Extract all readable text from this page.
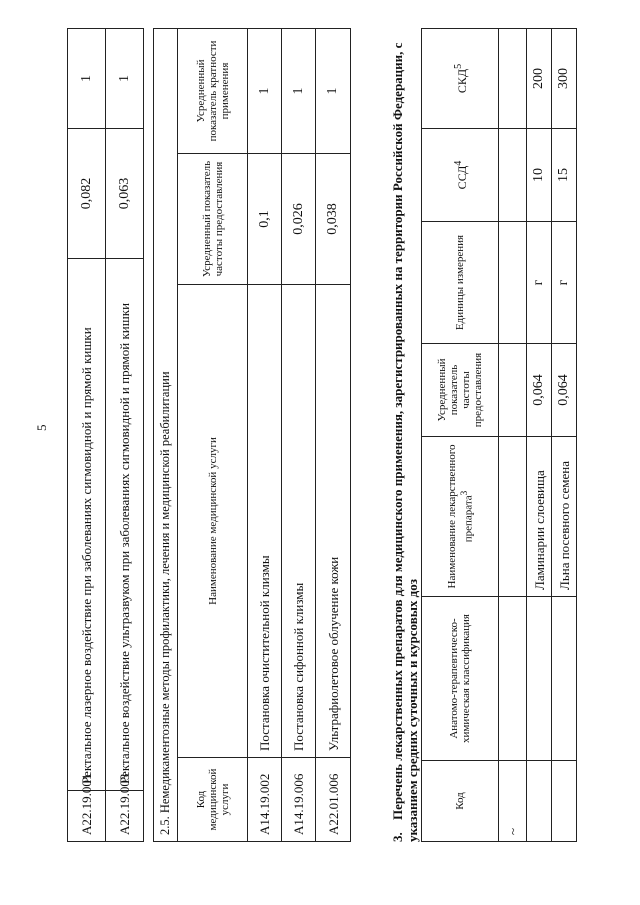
5
A22.19.001	Ректальное лазерное воздействие при заболеваниях сигмовидной и прямой кишки	0,082	1
A22.19.003	Ректальное воздействие ультразвуком при заболеваниях сигмовидной и прямой кишки	0,063	1
2.5. Немедикаментозные методы профилактики, лечения и медицинской реабилитации			
Код медицинской услуги	Наименование медицинской услуги	Усредненный показатель частоты предоставления	Усредненный показатель кратности применения
A14.19.002	Постановка очистительной клизмы	0,1	1
A14.19.006	Постановка сифонной клизмы	0,026	1
A22.01.006	Ультрафиолетовое облучение кожи	0,038	1
3.Перечень лекарственных препаратов для медицинского применения, зарегистрированных на территории Российской Федерации, с указанием средних суточных и курсовых доз	Код	Анатомо-терапевтическо-химическая классификация	Наименование лекарственного препарата$^3$	Усредненный показатель частоты предоставления	Единицы измерения	ССД$^4$	СКД$^5$
~						
		Ламинарии слоевища	0,064	г	10	200
		Льна посевного семена	0,064	г	15	300
